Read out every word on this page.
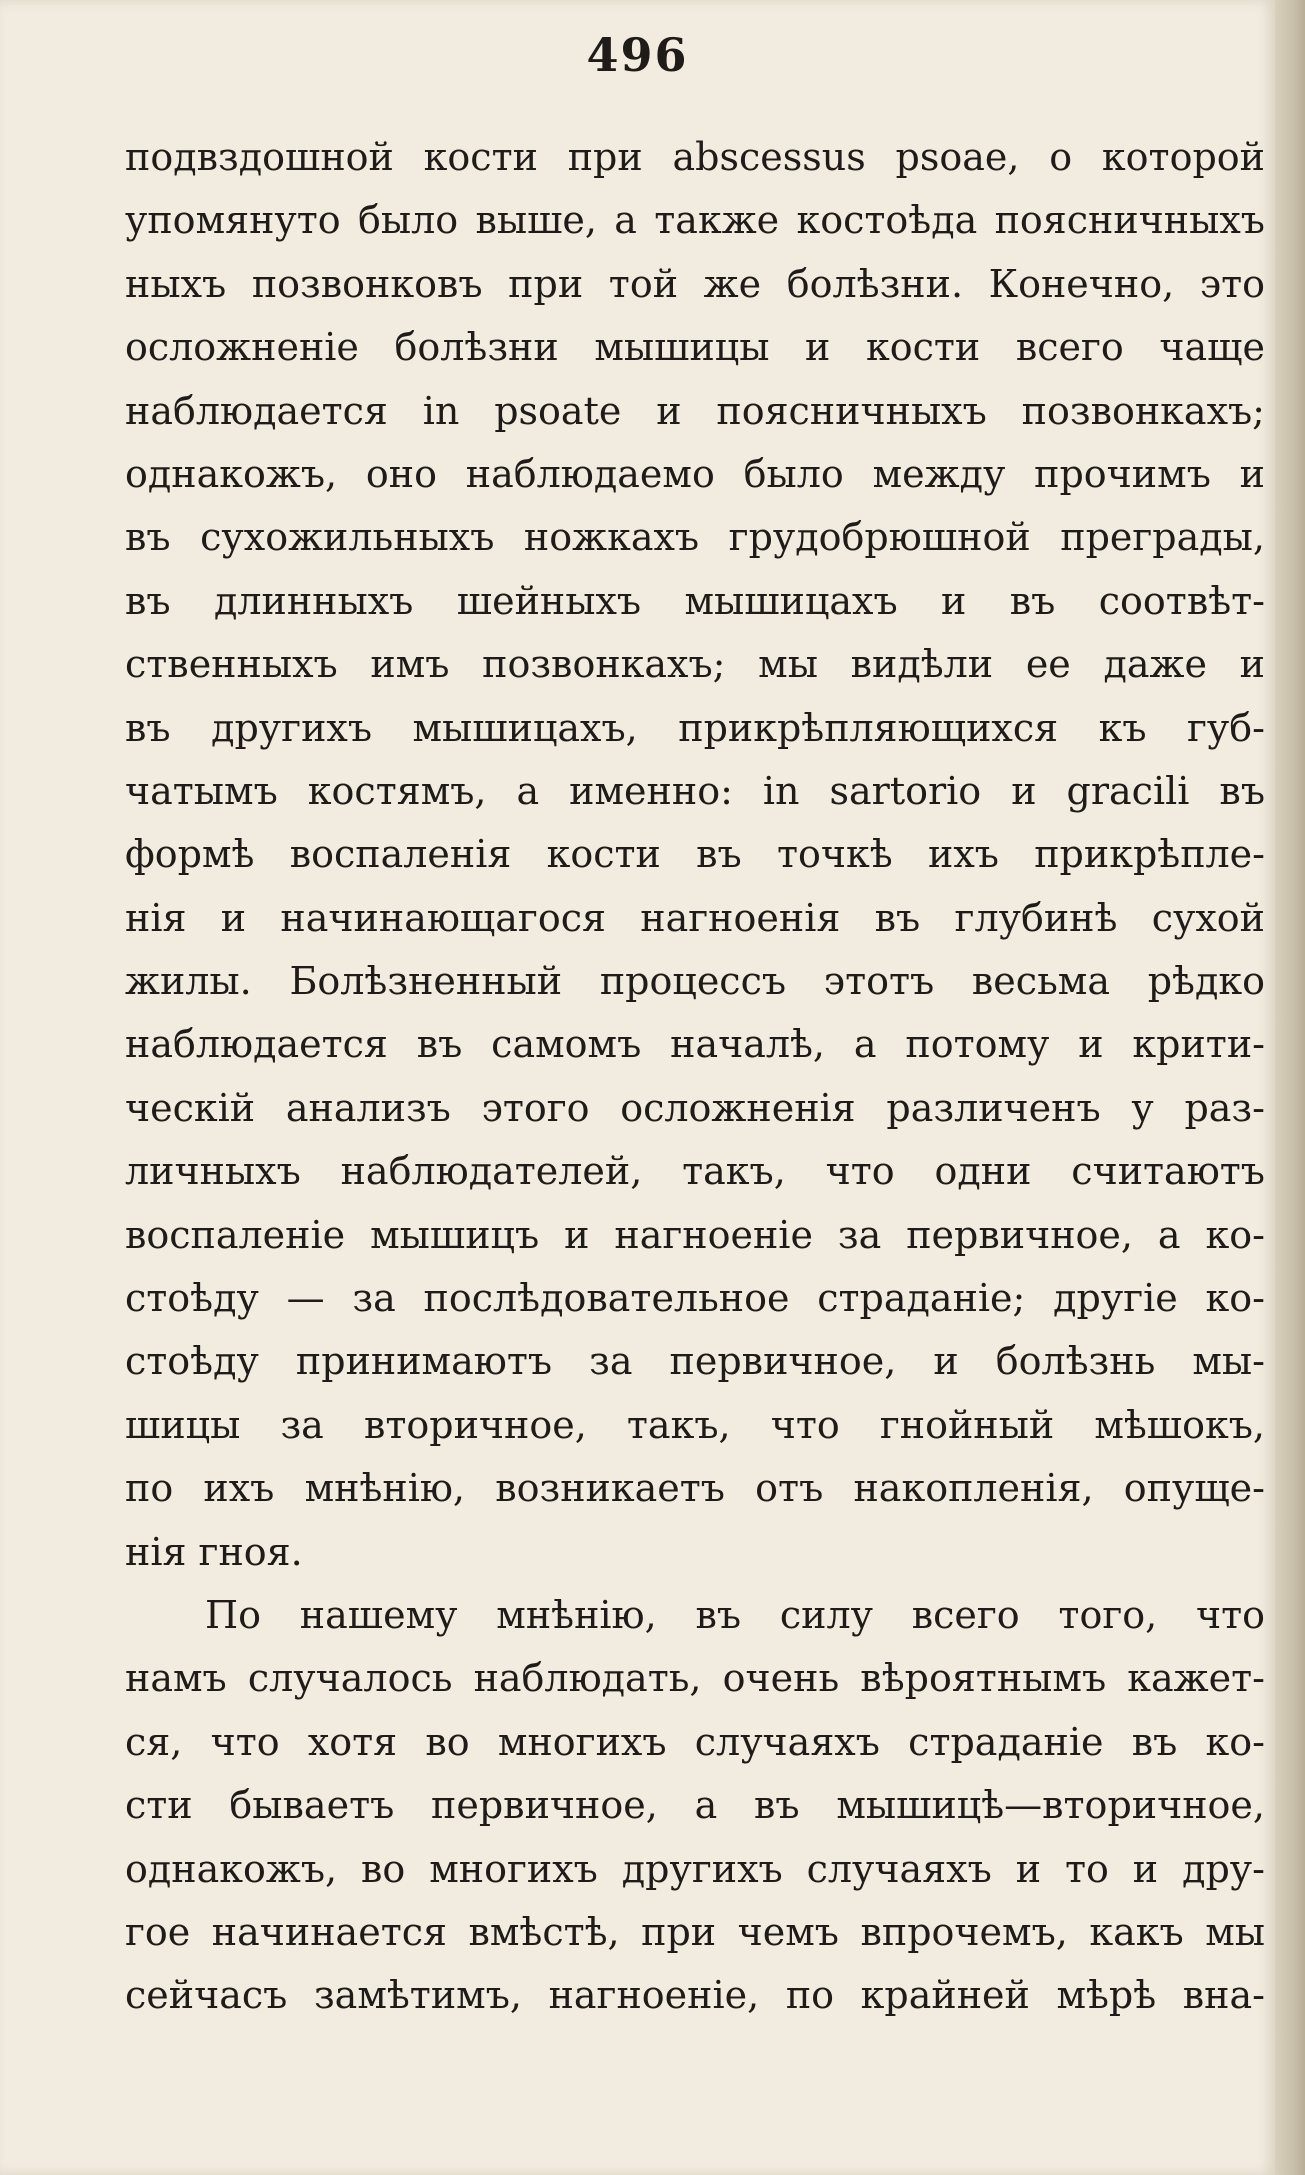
496
подвздошной кости при abscessus psoae, о которой
упомянуто было выше, а также костоѣда поясничныхъ
ныхъ позвонковъ при той же болѣзни. Конечно, это
осложненіе болѣзни мышицы и кости всего чаще
наблюдается in psoate и поясничныхъ позвонкахъ;
однакожъ, оно наблюдаемо было между прочимъ и
въ сухожильныхъ ножкахъ грудобрюшной преграды,
въ длинныхъ шейныхъ мышицахъ и въ соотвѣт-
ственныхъ имъ позвонкахъ; мы видѣли ее даже и
въ другихъ мышицахъ, прикрѣпляющихся къ губ-
чатымъ костямъ, а именно: in sartorio и gracili въ
формѣ воспаленія кости въ точкѣ ихъ прикрѣпле-
нія и начинающагося нагноенія въ глубинѣ сухой
жилы. Болѣзненный процессъ этотъ весьма рѣдко
наблюдается въ самомъ началѣ, а потому и крити-
ческій анализъ этого осложненія различенъ у раз-
личныхъ наблюдателей, такъ, что одни считаютъ
воспаленіе мышицъ и нагноеніе за первичное, а ко-
стоѣду — за послѣдовательное страданіе; другіе ко-
стоѣду принимаютъ за первичное, и болѣзнь мы-
шицы за вторичное, такъ, что гнойный мѣшокъ,
по ихъ мнѣнію, возникаетъ отъ накопленія, опуще-
нія гноя.
По нашему мнѣнію, въ силу всего того, что
намъ случалось наблюдать, очень вѣроятнымъ кажет-
ся, что хотя во многихъ случаяхъ страданіе въ ко-
сти бываетъ первичное, а въ мышицѣ—вторичное,
однакожъ, во многихъ другихъ случаяхъ и то и дру-
гое начинается вмѣстѣ, при чемъ впрочемъ, какъ мы
сейчасъ замѣтимъ, нагноеніе, по крайней мѣрѣ вна-
